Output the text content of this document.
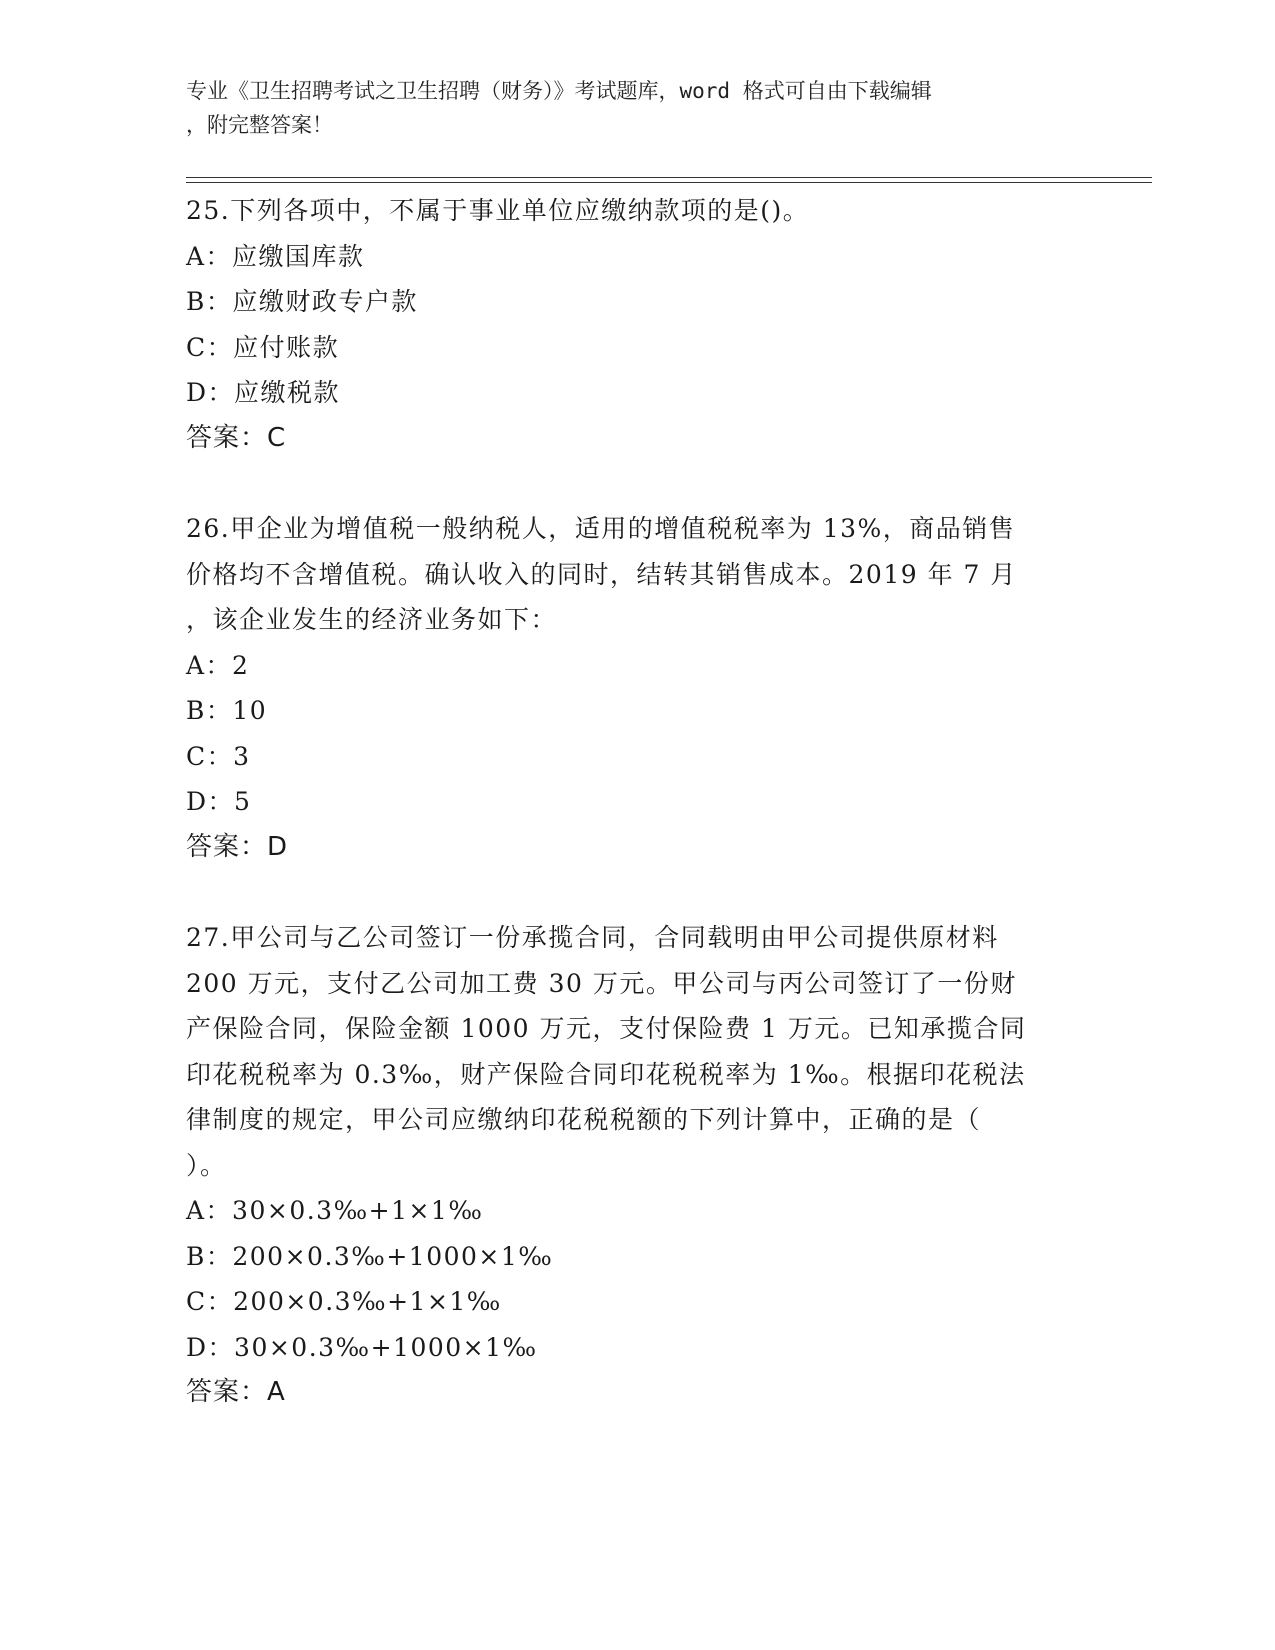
专业《卫生招聘考试之卫生招聘（财务）》考试题库，word 格式可自由下载编辑
，附完整答案！

25.下列各项中，不属于事业单位应缴纳款项的是()。

A：应缴国库款

B：应缴财政专户款

C：应付账款

D：应缴税款

答案：C

26.甲企业为增值税一般纳税人，适用的增值税税率为 13%，商品销售

价格均不含增值税。确认收入的同时，结转其销售成本。2019 年 7 月

，该企业发生的经济业务如下：

A：2

B：10

C：3

D：5

答案：D

27.甲公司与乙公司签订一份承揽合同，合同载明由甲公司提供原材料

200 万元，支付乙公司加工费 30 万元。甲公司与丙公司签订了一份财

产保险合同，保险金额 1000 万元，支付保险费 1 万元。已知承揽合同

印花税税率为 0.3‰，财产保险合同印花税税率为 1‰。根据印花税法

律制度的规定，甲公司应缴纳印花税税额的下列计算中，正确的是（

）。

A：30×0.3‰+1×1‰

B：200×0.3‰+1000×1‰

C：200×0.3‰+1×1‰

D：30×0.3‰+1000×1‰

答案：A
